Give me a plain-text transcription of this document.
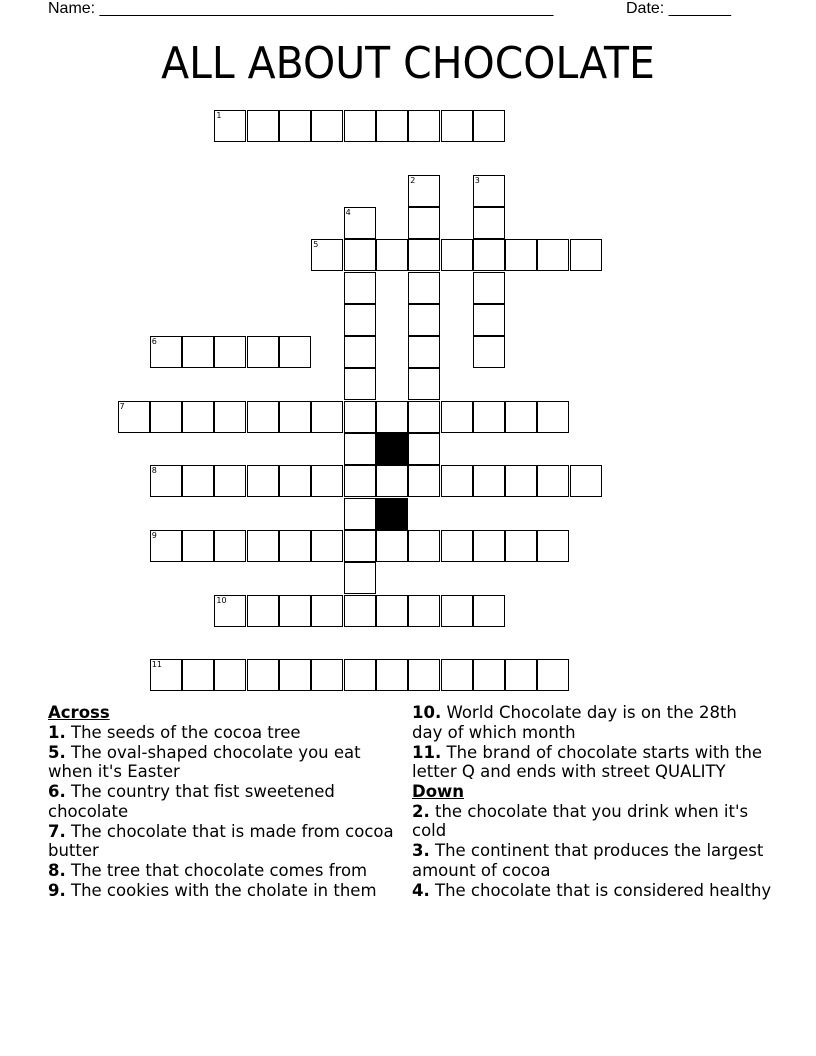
Name: ___________________________________________________	Date: _______
ALL ABOUT CHOCOLATE
1
2	3
4
5
6
7
8
9
10
11
Across
1. The seeds of the cocoa tree
5. The oval-shaped chocolate you eat when it's Easter
6. The country that fist sweetened chocolate
7. The chocolate that is made from cocoa butter
8. The tree that chocolate comes from
9. The cookies with the cholate in them
10. World Chocolate day is on the 28th day of which month
11. The brand of chocolate starts with the letter Q and ends with street QUALITY
Down
2. the chocolate that you drink when it's cold
3. The continent that produces the largest amount of cocoa
4. The chocolate that is considered healthy
